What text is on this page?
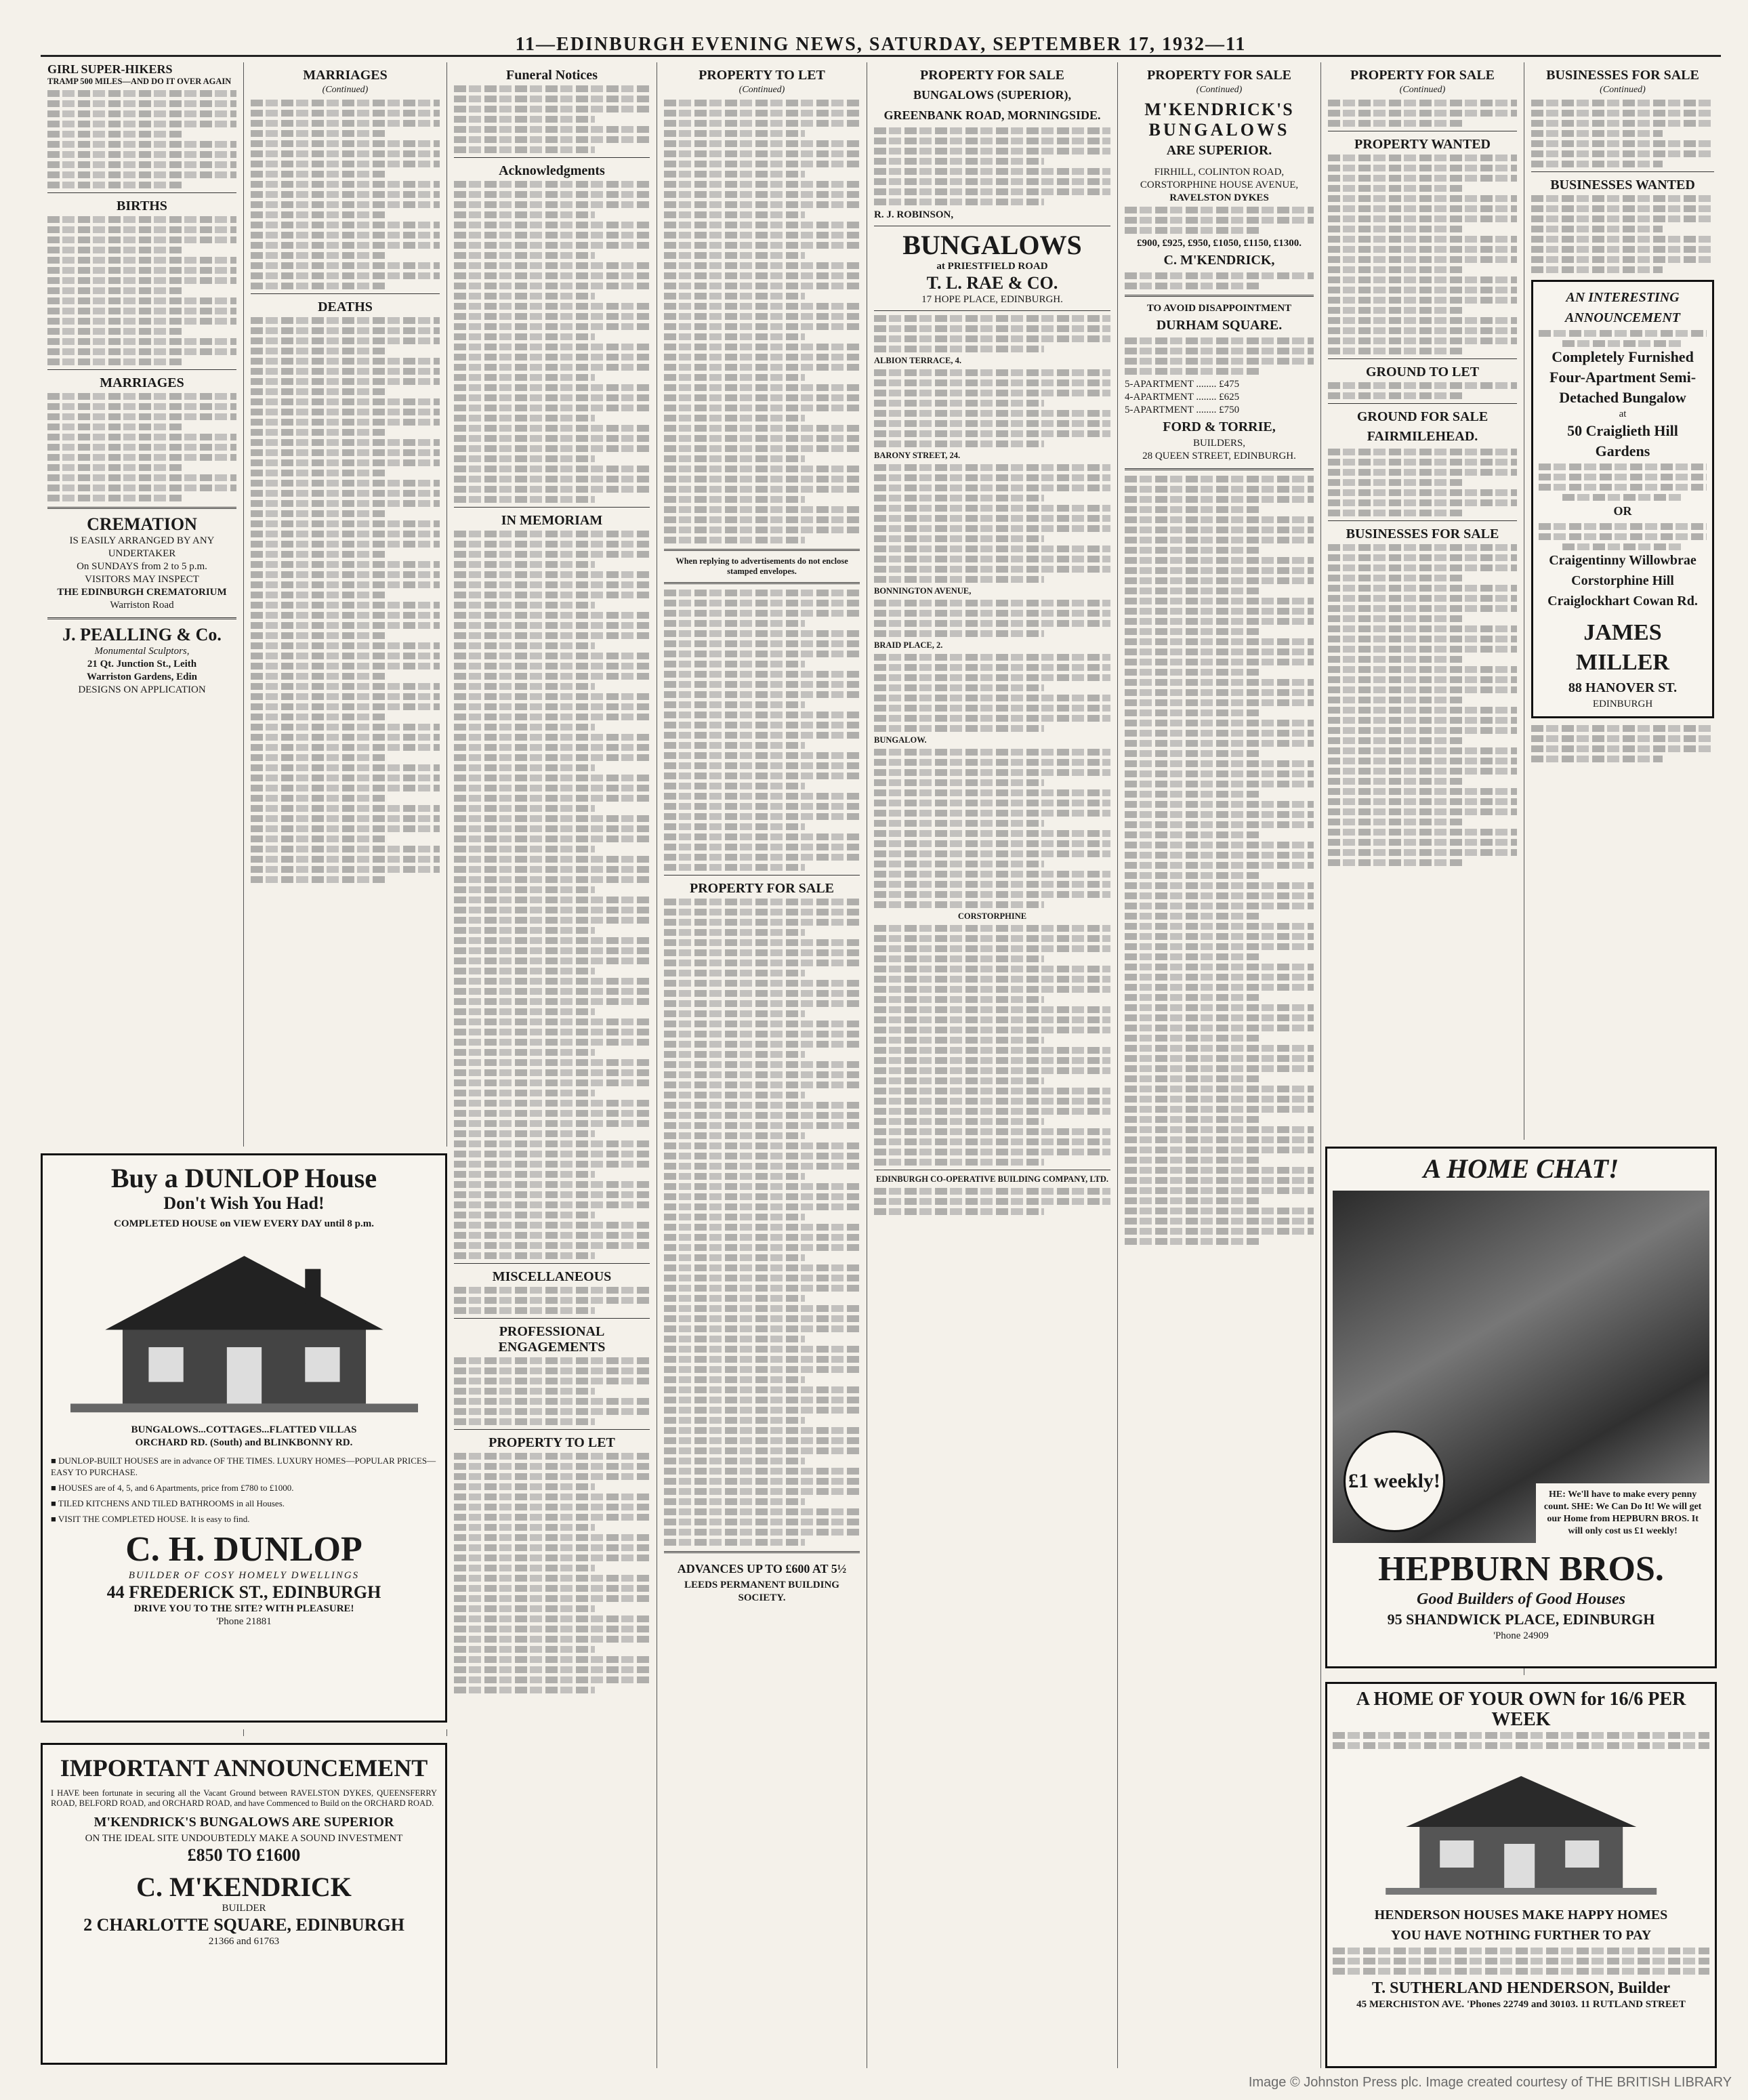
11—EDINBURGH EVENING NEWS, SATURDAY, SEPTEMBER 17, 1932—11
GIRL SUPER-HIKERS
TRAMP 500 MILES—AND DO IT OVER AGAIN
BIRTHS
MARRIAGES
CREMATION
IS EASILY ARRANGED BY ANY UNDERTAKER
On SUNDAYS from 2 to 5 p.m.
VISITORS MAY INSPECT
THE EDINBURGH CREMATORIUM
Warriston Road
J. PEALLING & Co.
Monumental Sculptors,
21 Qt. Junction St., Leith
Warriston Gardens, Edin
DESIGNS ON APPLICATION
MARRIAGES
(Continued)
DEATHS
Buy a DUNLOP House
Don't Wish You Had!
COMPLETED HOUSE on VIEW EVERY DAY until 8 p.m.
BUNGALOWS...COTTAGES...FLATTED VILLAS
ORCHARD RD. (South) and BLINKBONNY RD.
■ DUNLOP-BUILT HOUSES are in advance OF THE TIMES. LUXURY HOMES—POPULAR PRICES—EASY TO PURCHASE.
■ HOUSES are of 4, 5, and 6 Apartments, price from £780 to £1000.
■ TILED KITCHENS AND TILED BATHROOMS in all Houses.
■ VISIT THE COMPLETED HOUSE. It is easy to find.
C. H. DUNLOP
BUILDER OF COSY HOMELY DWELLINGS
44 FREDERICK ST., EDINBURGH
DRIVE YOU TO THE SITE? WITH PLEASURE!
'Phone 21881
IMPORTANT ANNOUNCEMENT
I HAVE been fortunate in securing all the Vacant Ground between RAVELSTON DYKES, QUEENSFERRY ROAD, BELFORD ROAD, and ORCHARD ROAD, and have Commenced to Build on the ORCHARD ROAD.
M'KENDRICK'S BUNGALOWS ARE SUPERIOR
ON THE IDEAL SITE UNDOUBTEDLY MAKE A SOUND INVESTMENT
£850 TO £1600
C. M'KENDRICK
BUILDER
2 CHARLOTTE SQUARE, EDINBURGH
21366 and 61763
Funeral Notices
Acknowledgments
IN MEMORIAM
MISCELLANEOUS
PROFESSIONAL ENGAGEMENTS
PROPERTY TO LET
PROPERTY TO LET
(Continued)
When replying to advertisements do not enclose stamped envelopes.
PROPERTY FOR SALE
ADVANCES UP TO £600 AT 5½
LEEDS PERMANENT BUILDING SOCIETY.
PROPERTY FOR SALE
BUNGALOWS (SUPERIOR), GREENBANK ROAD, MORNINGSIDE.
R. J. ROBINSON,
BUNGALOWS
at PRIESTFIELD ROAD
T. L. RAE & CO.
17 HOPE PLACE, EDINBURGH.
ALBION TERRACE, 4.
BARONY STREET, 24.
BONNINGTON AVENUE,
BRAID PLACE, 2.
BUNGALOW.
CORSTORPHINE
EDINBURGH CO-OPERATIVE BUILDING COMPANY, LTD.
PROPERTY FOR SALE
(Continued)
M'KENDRICK'S
BUNGALOWS
ARE SUPERIOR.
FIRHILL, COLINTON ROAD, CORSTORPHINE HOUSE AVENUE,
RAVELSTON DYKES
£900, £925, £950, £1050, £1150, £1300.
C. M'KENDRICK,
TO AVOID DISAPPOINTMENT
DURHAM SQUARE.
5-APARTMENT ........ £475
4-APARTMENT ........ £625
5-APARTMENT ........ £750
FORD & TORRIE,
BUILDERS,
28 QUEEN STREET, EDINBURGH.
PROPERTY FOR SALE
(Continued)
PROPERTY WANTED
GROUND TO LET
GROUND FOR SALE
FAIRMILEHEAD.
BUSINESSES FOR SALE
BUSINESSES FOR SALE
(Continued)
BUSINESSES WANTED
AN INTERESTING
ANNOUNCEMENT
Completely Furnished Four-Apartment Semi-Detached Bungalow
at
50 Craiglieth Hill Gardens
OR
Craigentinny Willowbrae Corstorphine Hill Craiglockhart Cowan Rd.
JAMES MILLER
88 HANOVER ST.
EDINBURGH
A HOME CHAT!
£1 weekly!
HE: We'll have to make every penny count. SHE: We Can Do It! We will get our Home from HEPBURN BROS. It will only cost us £1 weekly!
HEPBURN BROS.
Good Builders of Good Houses
95 SHANDWICK PLACE, EDINBURGH
'Phone 24909
A HOME OF YOUR OWN for 16/6 PER WEEK
HENDERSON HOUSES MAKE HAPPY HOMES
YOU HAVE NOTHING FURTHER TO PAY
T. SUTHERLAND HENDERSON, Builder
45 MERCHISTON AVE. 'Phones 22749 and 30103. 11 RUTLAND STREET
Image © Johnston Press plc. Image created courtesy of THE BRITISH LIBRARY
